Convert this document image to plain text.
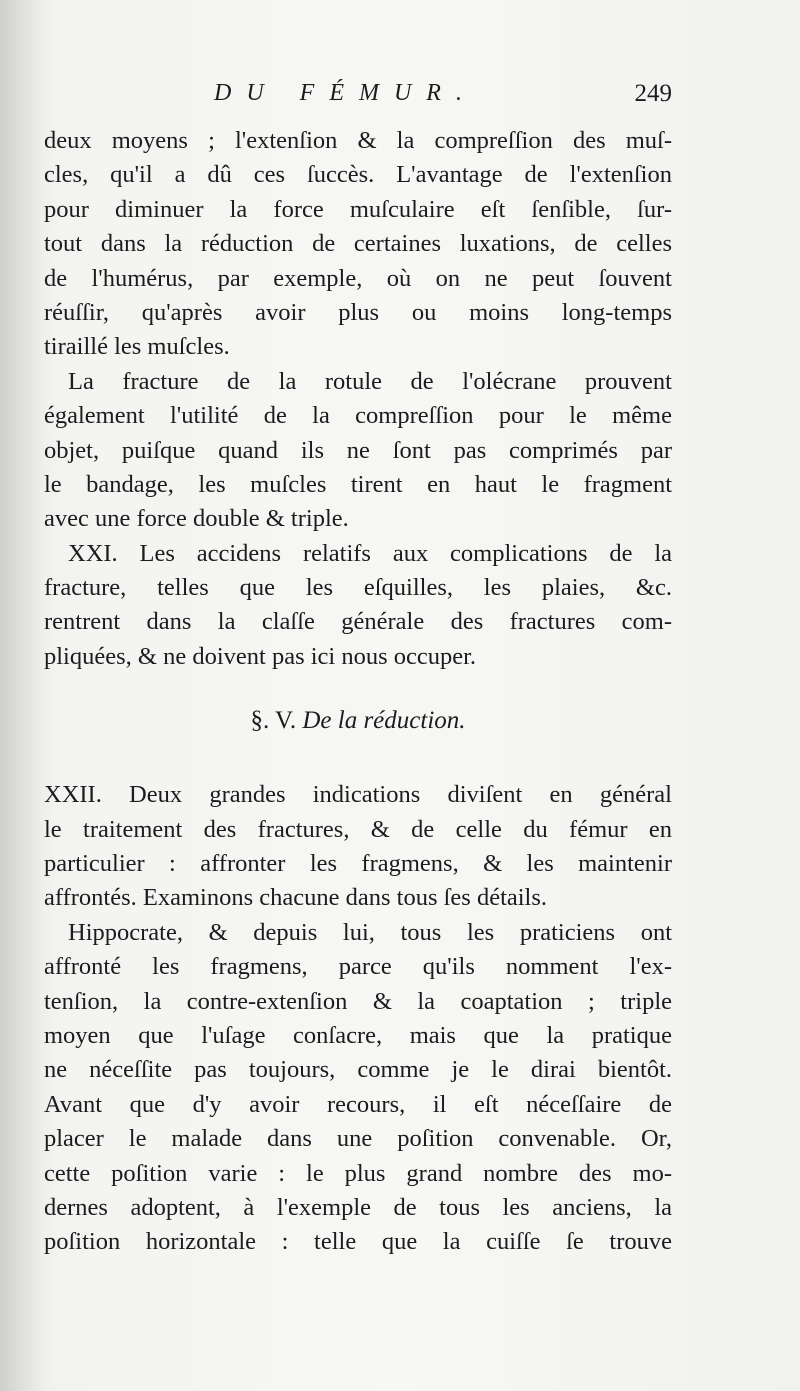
DU FÉMUR.	249
deux moyens ; l'extenſion & la compreſſion des muſ-
cles, qu'il a dû ces ſuccès. L'avantage de l'extenſion
pour diminuer la force muſculaire eſt ſenſible, ſur-
tout dans la réduction de certaines luxations, de celles
de l'humérus, par exemple, où on ne peut ſouvent
réuſſir, qu'après avoir plus ou moins long-temps
tiraillé les muſcles.
La fracture de la rotule de l'olécrane prouvent
également l'utilité de la compreſſion pour le même
objet, puiſque quand ils ne ſont pas comprimés par
le bandage, les muſcles tirent en haut le fragment
avec une force double & triple.
XXI. Les accidens relatifs aux complications de la
fracture, telles que les eſquilles, les plaies, &c.
rentrent dans la claſſe générale des fractures com-
pliquées, & ne doivent pas ici nous occuper.
§. V. De la réduction.
XXII. Deux grandes indications diviſent en général
le traitement des fractures, & de celle du fémur en
particulier : affronter les fragmens, & les maintenir
affrontés. Examinons chacune dans tous ſes détails.
Hippocrate, & depuis lui, tous les praticiens ont
affronté les fragmens, parce qu'ils nomment l'ex-
tenſion, la contre-extenſion & la coaptation ; triple
moyen que l'uſage conſacre, mais que la pratique
ne néceſſite pas toujours, comme je le dirai bientôt.
Avant que d'y avoir recours, il eſt néceſſaire de
placer le malade dans une poſition convenable. Or,
cette poſition varie : le plus grand nombre des mo-
dernes adoptent, à l'exemple de tous les anciens, la
poſition horizontale : telle que la cuiſſe ſe trouve
